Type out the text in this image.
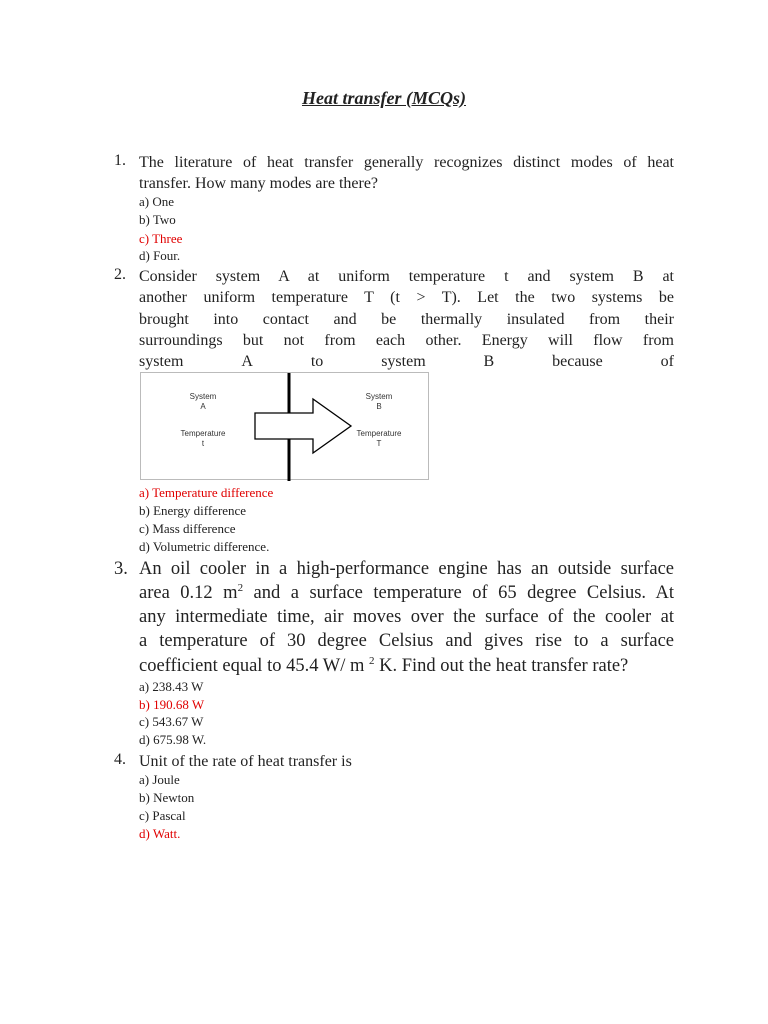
Heat transfer (MCQs)
1. The literature of heat transfer generally recognizes distinct modes of heat
transfer. How many modes are there?
a) One
b) Two
c) Three
d) Four.
2. Consider system A at uniform temperature t and system B at
another uniform temperature T (t > T). Let the two systems be
brought into contact and be thermally insulated from their
surroundings but not from each other. Energy will flow from
system	A	to	system	B	because	of
System
A
Temperature
t
System
B
Temperature
T
a) Temperature difference
b) Energy difference
c) Mass difference
d) Volumetric difference.
3. An oil cooler in a high-performance engine has an outside surface
area 0.12 $m^2$ and a surface temperature of 65 degree Celsius. At
any intermediate time, air moves over the surface of the cooler at
a temperature of 30 degree Celsius and gives rise to a surface
coefficient equal to 45.4 W/ m $^2$ K. Find out the heat transfer rate?
a) 238.43 W
b) 190.68 W
c) 543.67 W
d) 675.98 W.
4. Unit of the rate of heat transfer is
a) Joule
b) Newton
c) Pascal
d) Watt.
